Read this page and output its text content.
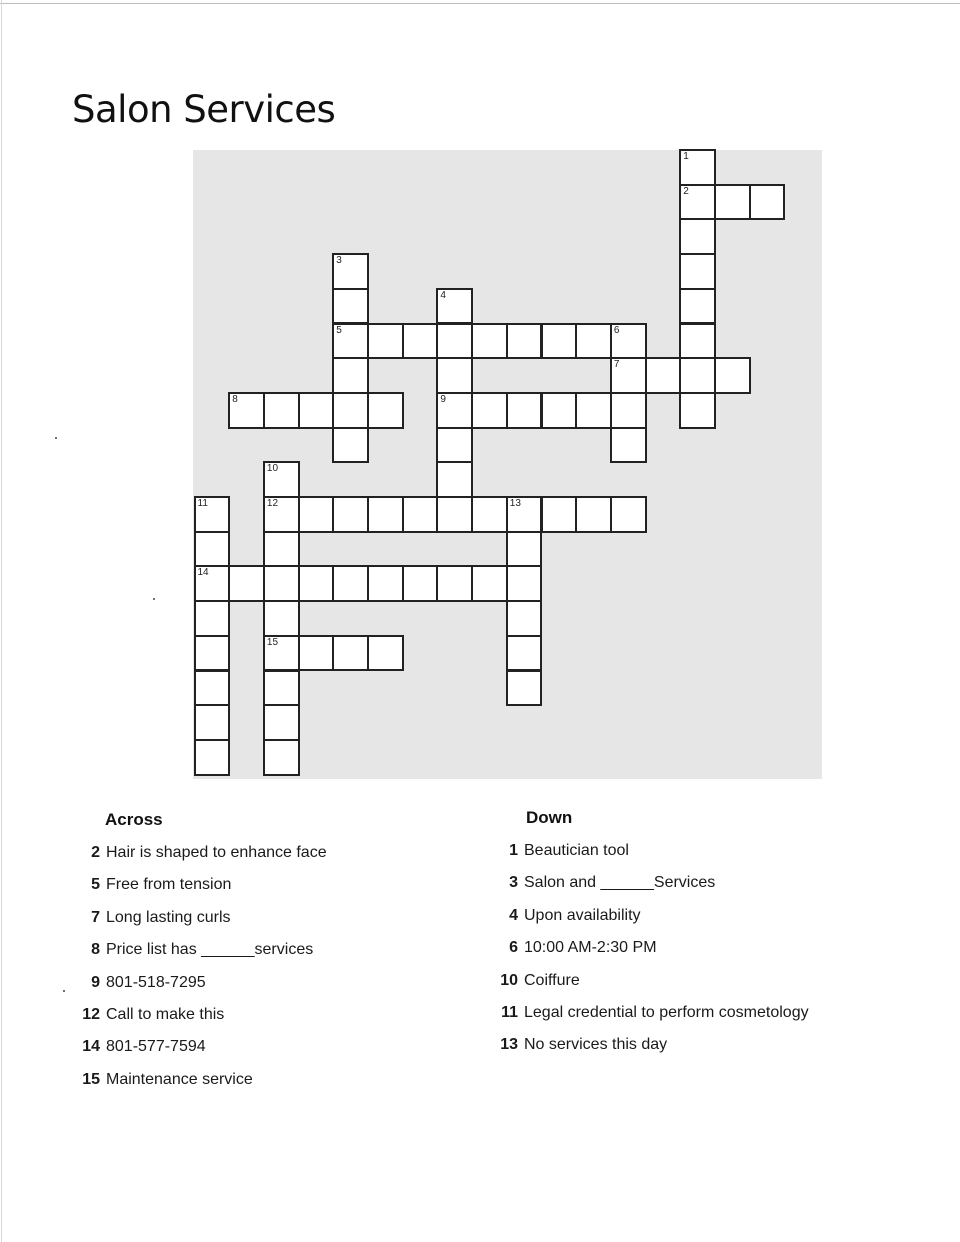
Salon Services
1
2
3
5
4
9
6
7
8
10
12	13
11
14
15
Across	Down
2 Hair is shaped to enhance face
5 Free from tension
7 Long lasting curls
8 Price list has ______services
9 801-518-7295
12 Call to make this
14 801-577-7594
15 Maintenance service
1 Beautician tool
3 Salon and ______Services
4 Upon availability
6 10:00 AM-2:30 PM
10 Coiffure
11 Legal credential to perform cosmetology
13 No services this day
